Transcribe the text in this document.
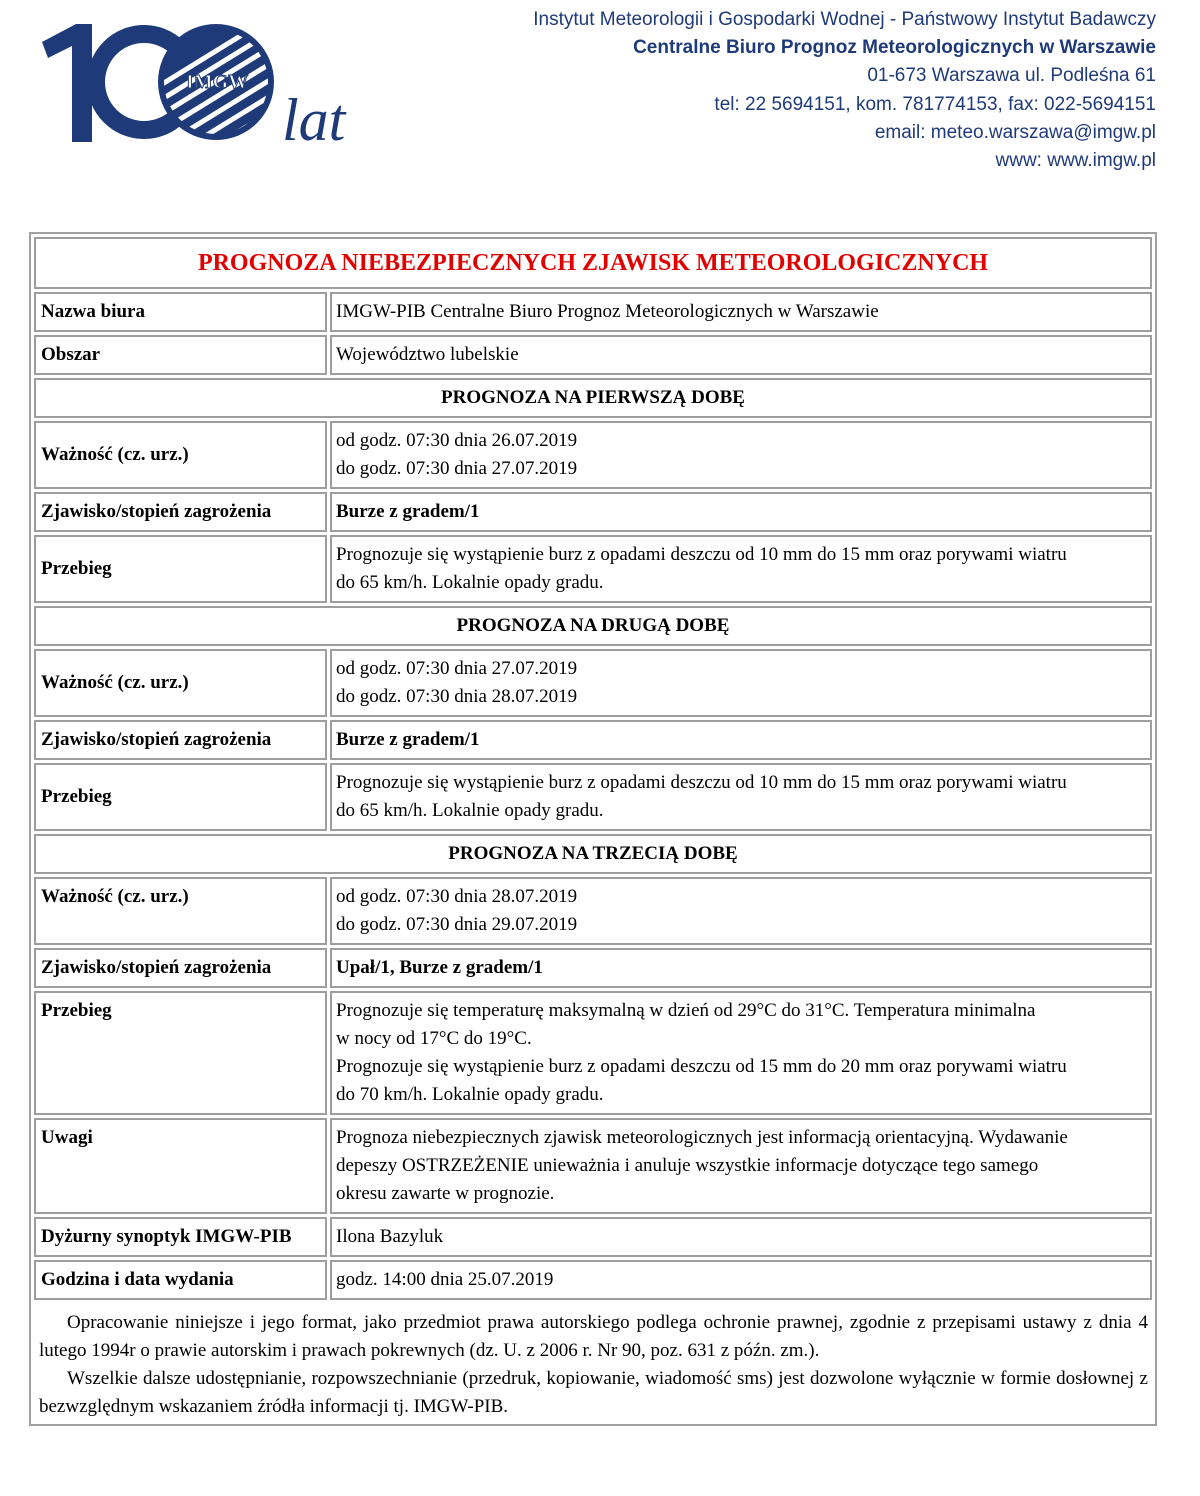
IMGW
lat
Instytut Meteorologii i Gospodarki Wodnej - Państwowy Instytut Badawczy
Centralne Biuro Prognoz Meteorologicznych w Warszawie
01-673 Warszawa ul. Podleśna 61
tel: 22 5694151, kom. 781774153, fax: 022-5694151
email: meteo.warszawa@imgw.pl
www: www.imgw.pl
PROGNOZA NIEBEZPIECZNYCH ZJAWISK METEOROLOGICZNYCH	
Nazwa biura	IMGW-PIB Centralne Biuro Prognoz Meteorologicznych w Warszawie
Obszar	Województwo lubelskie
PROGNOZA NA PIERWSZĄ DOBĘ	
Ważność (cz. urz.)	od godz. 07:30 dnia 26.07.2019
do godz. 07:30 dnia 27.07.2019

Zjawisko/stopień zagrożenia	Burze z gradem/1
Przebieg	Prognozuje się wystąpienie burz z opadami deszczu od 10 mm do 15 mm oraz porywami wiatru
do 65 km/h. Lokalnie opady gradu.

PROGNOZA NA DRUGĄ DOBĘ	
Ważność (cz. urz.)	od godz. 07:30 dnia 27.07.2019
do godz. 07:30 dnia 28.07.2019

Zjawisko/stopień zagrożenia	Burze z gradem/1
Przebieg	Prognozuje się wystąpienie burz z opadami deszczu od 10 mm do 15 mm oraz porywami wiatru
do 65 km/h. Lokalnie opady gradu.

PROGNOZA NA TRZECIĄ DOBĘ	
Ważność (cz. urz.)	od godz. 07:30 dnia 28.07.2019
do godz. 07:30 dnia 29.07.2019

Zjawisko/stopień zagrożenia	Upał/1, Burze z gradem/1
Przebieg	Prognozuje się temperaturę maksymalną w dzień od 29°C do 31°C. Temperatura minimalna
w nocy od 17°C do 19°C.
Prognozuje się wystąpienie burz z opadami deszczu od 15 mm do 20 mm oraz porywami wiatru
do 70 km/h. Lokalnie opady gradu.

Uwagi	Prognoza niebezpiecznych zjawisk meteorologicznych jest informacją orientacyjną. Wydawanie
depeszy OSTRZEŻENIE unieważnia i anuluje wszystkie informacje dotyczące tego samego
okresu zawarte w prognozie.

Dyżurny synoptyk IMGW-PIB	Ilona Bazyluk
Godzina i data wydania	godz. 14:00 dnia 25.07.2019

Opracowanie niniejsze i jego format, jako przedmiot prawa autorskiego podlega ochronie prawnej, zgodnie z przepisami ustawy z dnia 4 lutego 1994r o prawie autorskim i prawach pokrewnych (dz. U. z 2006 r. Nr 90, poz. 631 z późn. zm.).

Wszelkie dalsze udostępnianie, rozpowszechnianie (przedruk, kopiowanie, wiadomość sms) jest dozwolone wyłącznie w formie dosłownej z bezwzględnym wskazaniem źródła informacji tj. IMGW-PIB.	
